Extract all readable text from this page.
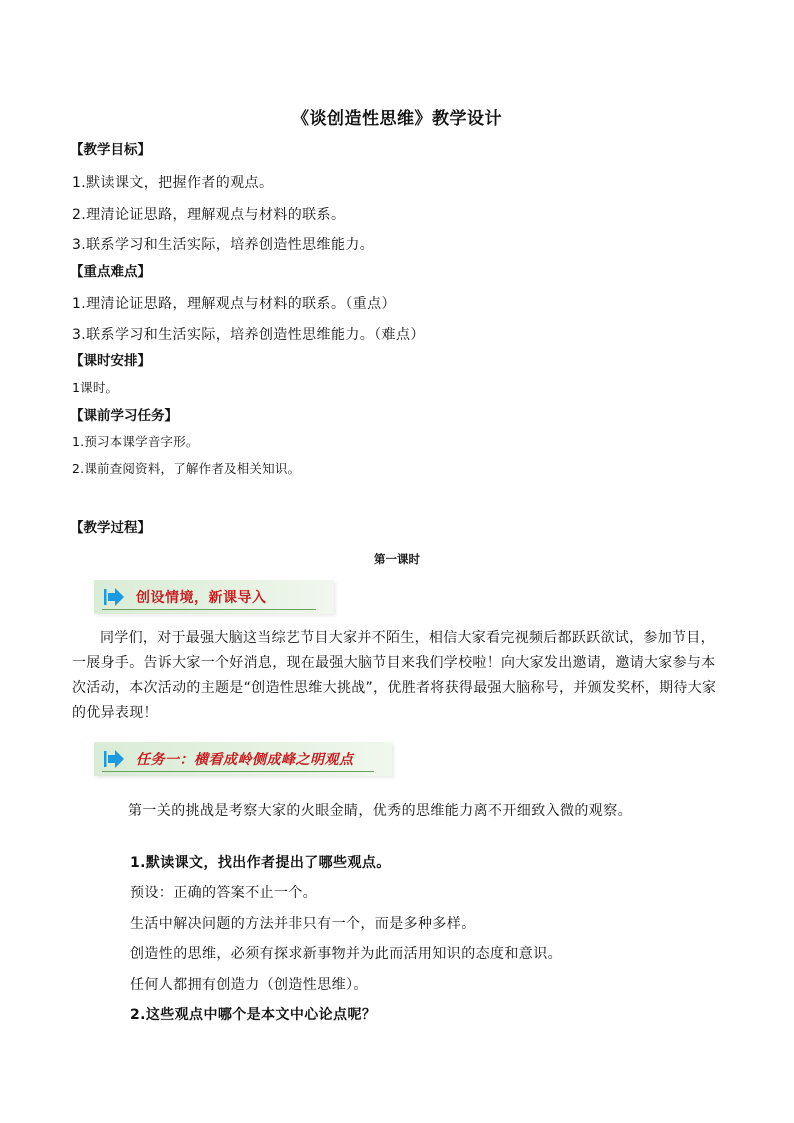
《谈创造性思维》教学设计
【教学目标】
1.默读课文，把握作者的观点。
2.理清论证思路，理解观点与材料的联系。
3.联系学习和生活实际，培养创造性思维能力。
【重点难点】
1.理清论证思路，理解观点与材料的联系。（重点）
3.联系学习和生活实际，培养创造性思维能力。（难点）
【课时安排】
1课时。
【课前学习任务】
1.预习本课学音字形。
2.课前查阅资料，了解作者及相关知识。
【教学过程】
第一课时
创设情境，新课导入

同学们，对于最强大脑这当综艺节目大家并不陌生，相信大家看完视频后都跃跃欲试，参加节目，一展身手。告诉大家一个好消息，现在最强大脑节目来我们学校啦！向大家发出邀请，邀请大家参与本次活动，本次活动的主题是“创造性思维大挑战”，优胜者将获得最强大脑称号，并颁发奖杯，期待大家的优异表现！

任务一：横看成岭侧成峰之明观点
第一关的挑战是考察大家的火眼金睛，优秀的思维能力离不开细致入微的观察。
1.默读课文，找出作者提出了哪些观点。
预设：正确的答案不止一个。
生活中解决问题的方法并非只有一个，而是多种多样。
创造性的思维，必须有探求新事物并为此而活用知识的态度和意识。
任何人都拥有创造力（创造性思维）。
2.这些观点中哪个是本文中心论点呢？
